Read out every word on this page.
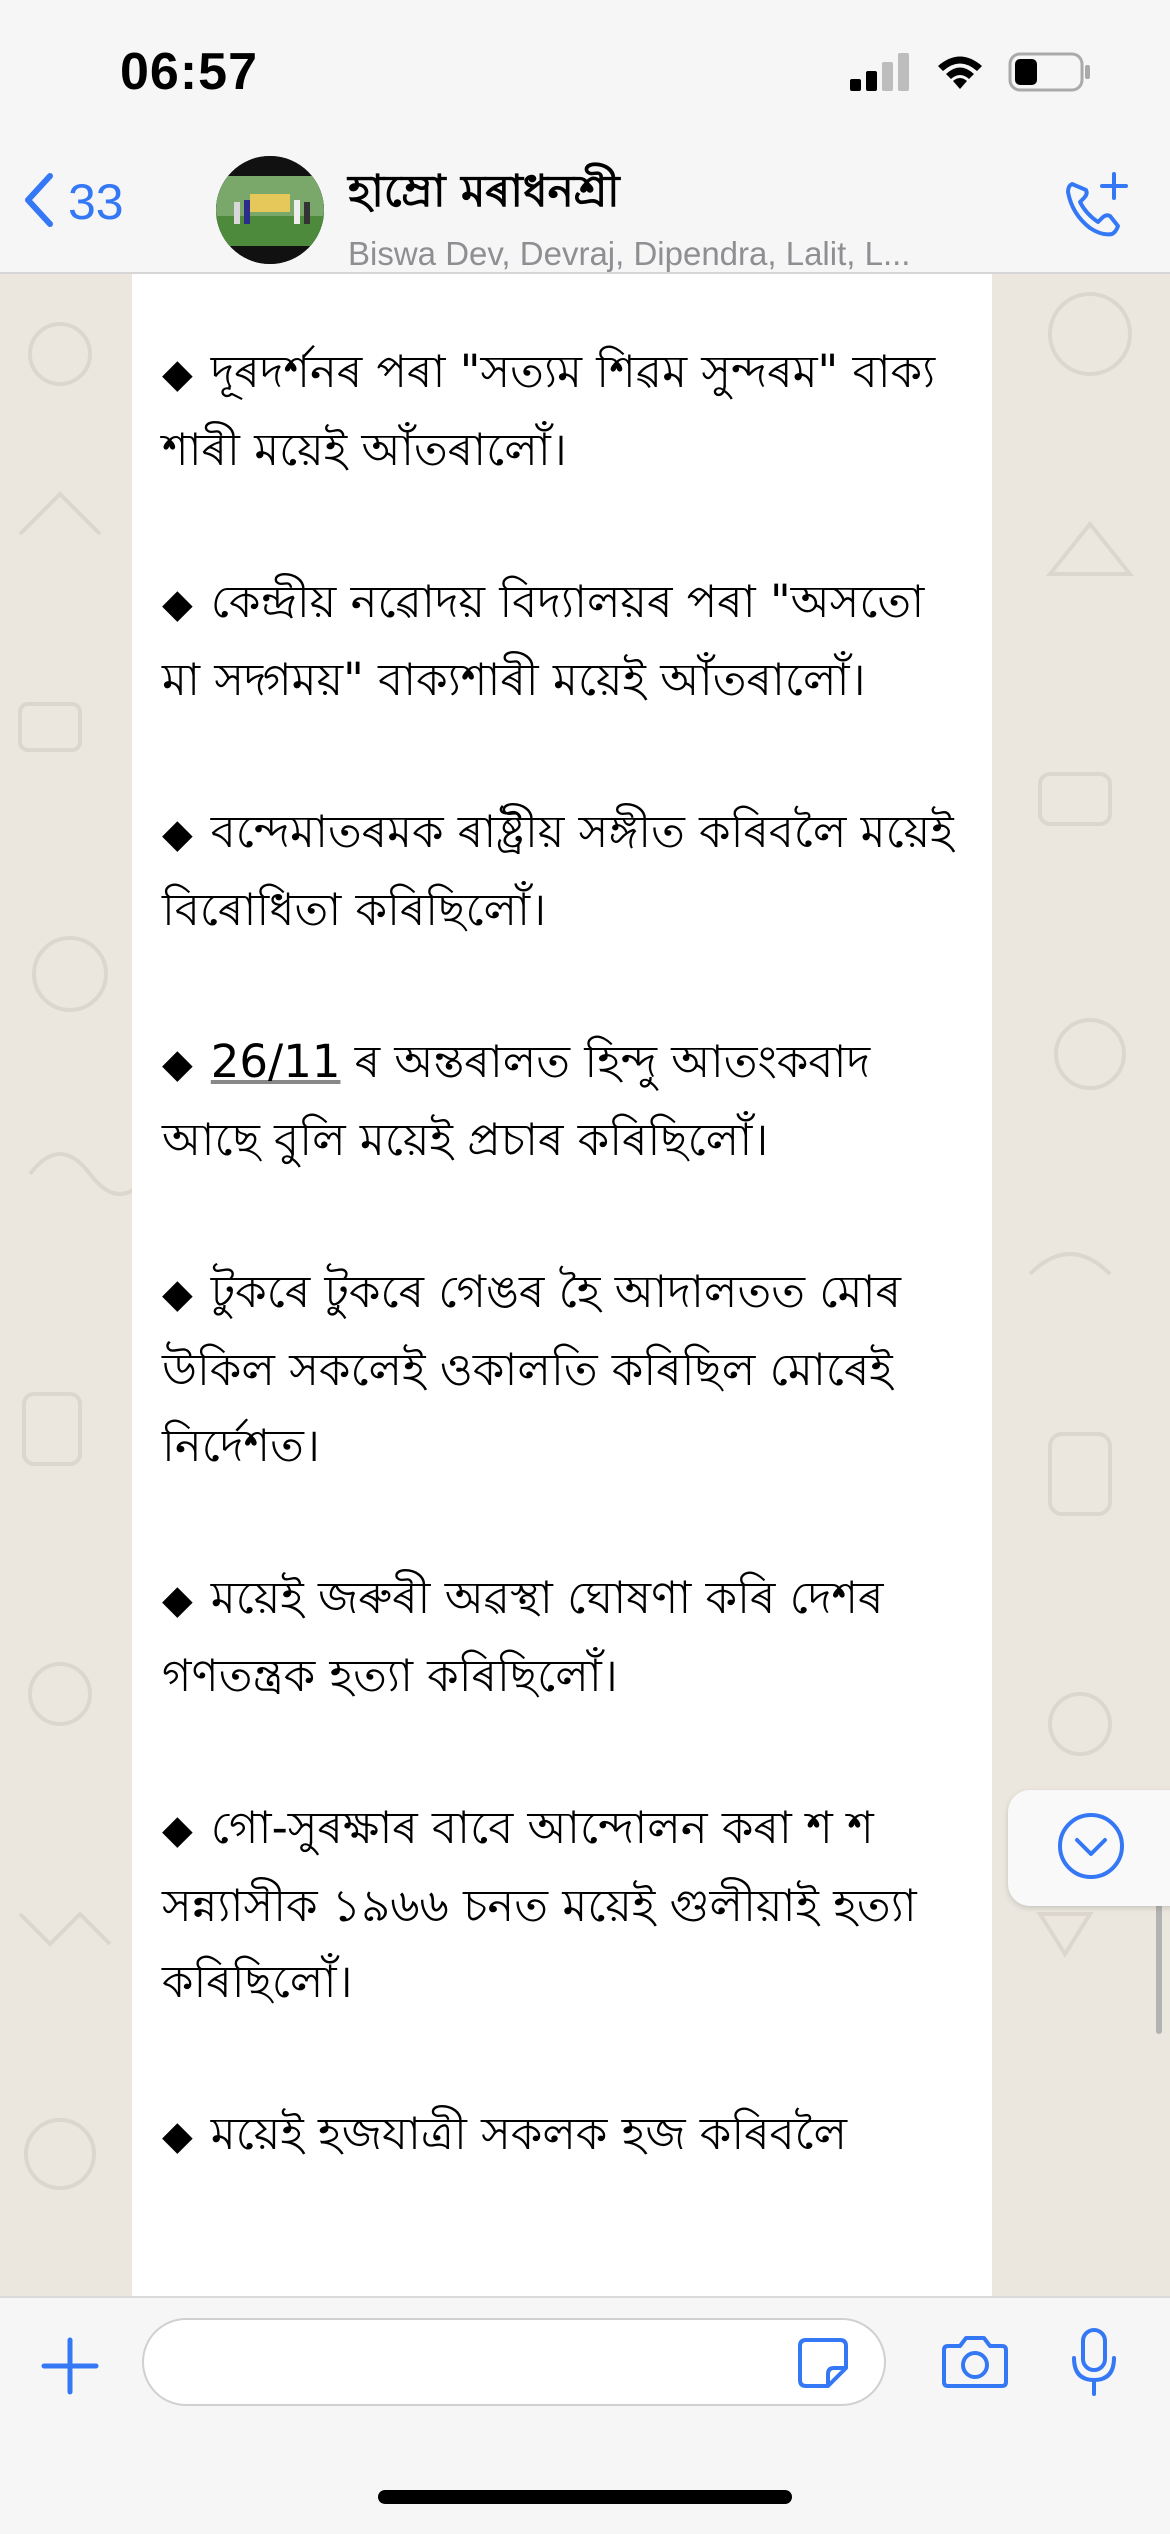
06:57
33	হাম্ৰো মৰাধনশ্ৰী
Biswa Dev, Devraj, Dipendra, Lalit, L...

◆ দূৰদৰ্শনৰ পৰা "সত্যম শিৱম সুন্দৰম" বাক্য শাৰী ময়েই আঁতৰালোঁ।

◆ কেন্দ্ৰীয় নৱোদয় বিদ্যালয়ৰ পৰা "অসতো মা সদ্গময়" বাক্যশাৰী ময়েই আঁতৰালোঁ।

◆ বন্দেমাতৰমক ৰাষ্ট্ৰীয় সঙ্গীত কৰিবলৈ ময়েই বিৰোধিতা কৰিছিলোঁ।

◆ 26/11 ৰ অন্তৰালত হিন্দু আতংকবাদ আছে বুলি ময়েই প্ৰচাৰ কৰিছিলোঁ।

◆ টুকৰে টুকৰে গেঙৰ হৈ আদালতত মোৰ উকিল সকলেই ওকালতি কৰিছিল মোৰেই নিৰ্দেশত।

◆ ময়েই জৰুৰী অৱস্থা ঘোষণা কৰি দেশৰ গণতন্ত্ৰক হত্যা কৰিছিলোঁ।

◆ গো-সুৰক্ষাৰ বাবে আন্দোলন কৰা শ শ সন্ন্যাসীক ১৯৬৬ চনত ময়েই গুলীয়াই হত্যা কৰিছিলোঁ।

◆ ময়েই হজযাত্ৰী সকলক হজ কৰিবলৈ
